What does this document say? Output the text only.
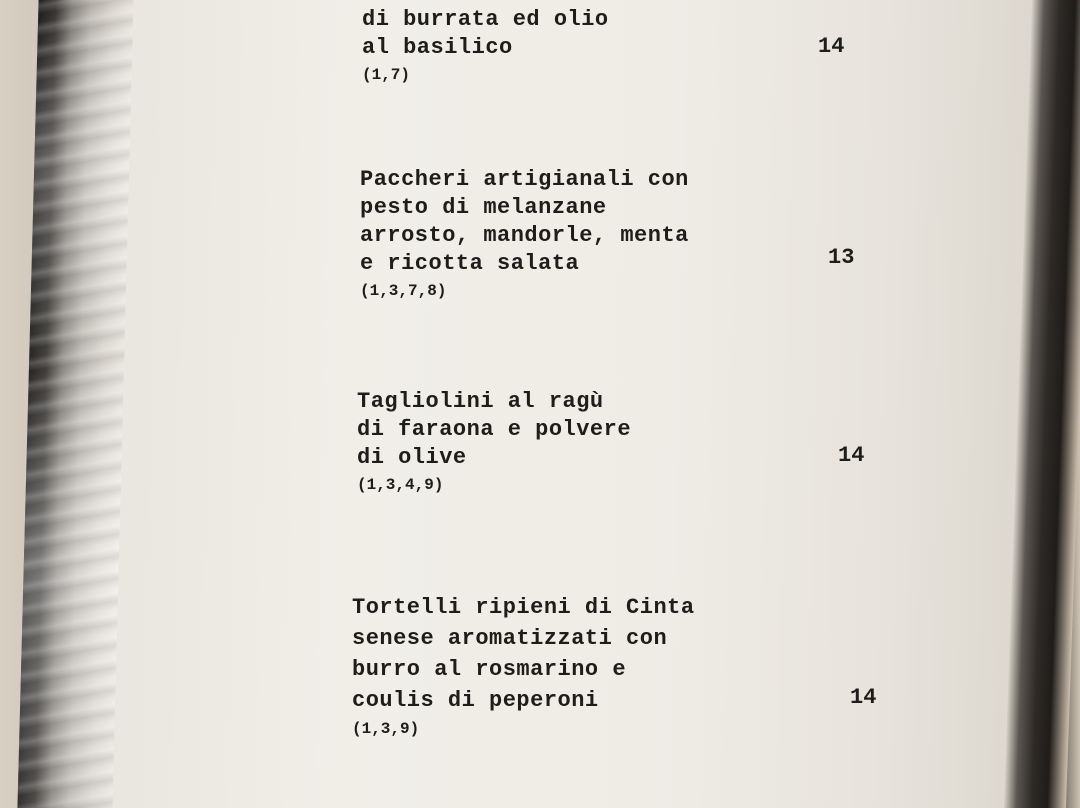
di burrata ed olio
al basilico
(1,7)
14
Paccheri artigianali con
pesto di melanzane
arrosto, mandorle, menta
e ricotta salata
(1,3,7,8)
13
Tagliolini al ragù
di faraona e polvere
di olive
(1,3,4,9)
14
Tortelli ripieni di Cinta
senese aromatizzati con
burro al rosmarino e
coulis di peperoni
(1,3,9)
14
